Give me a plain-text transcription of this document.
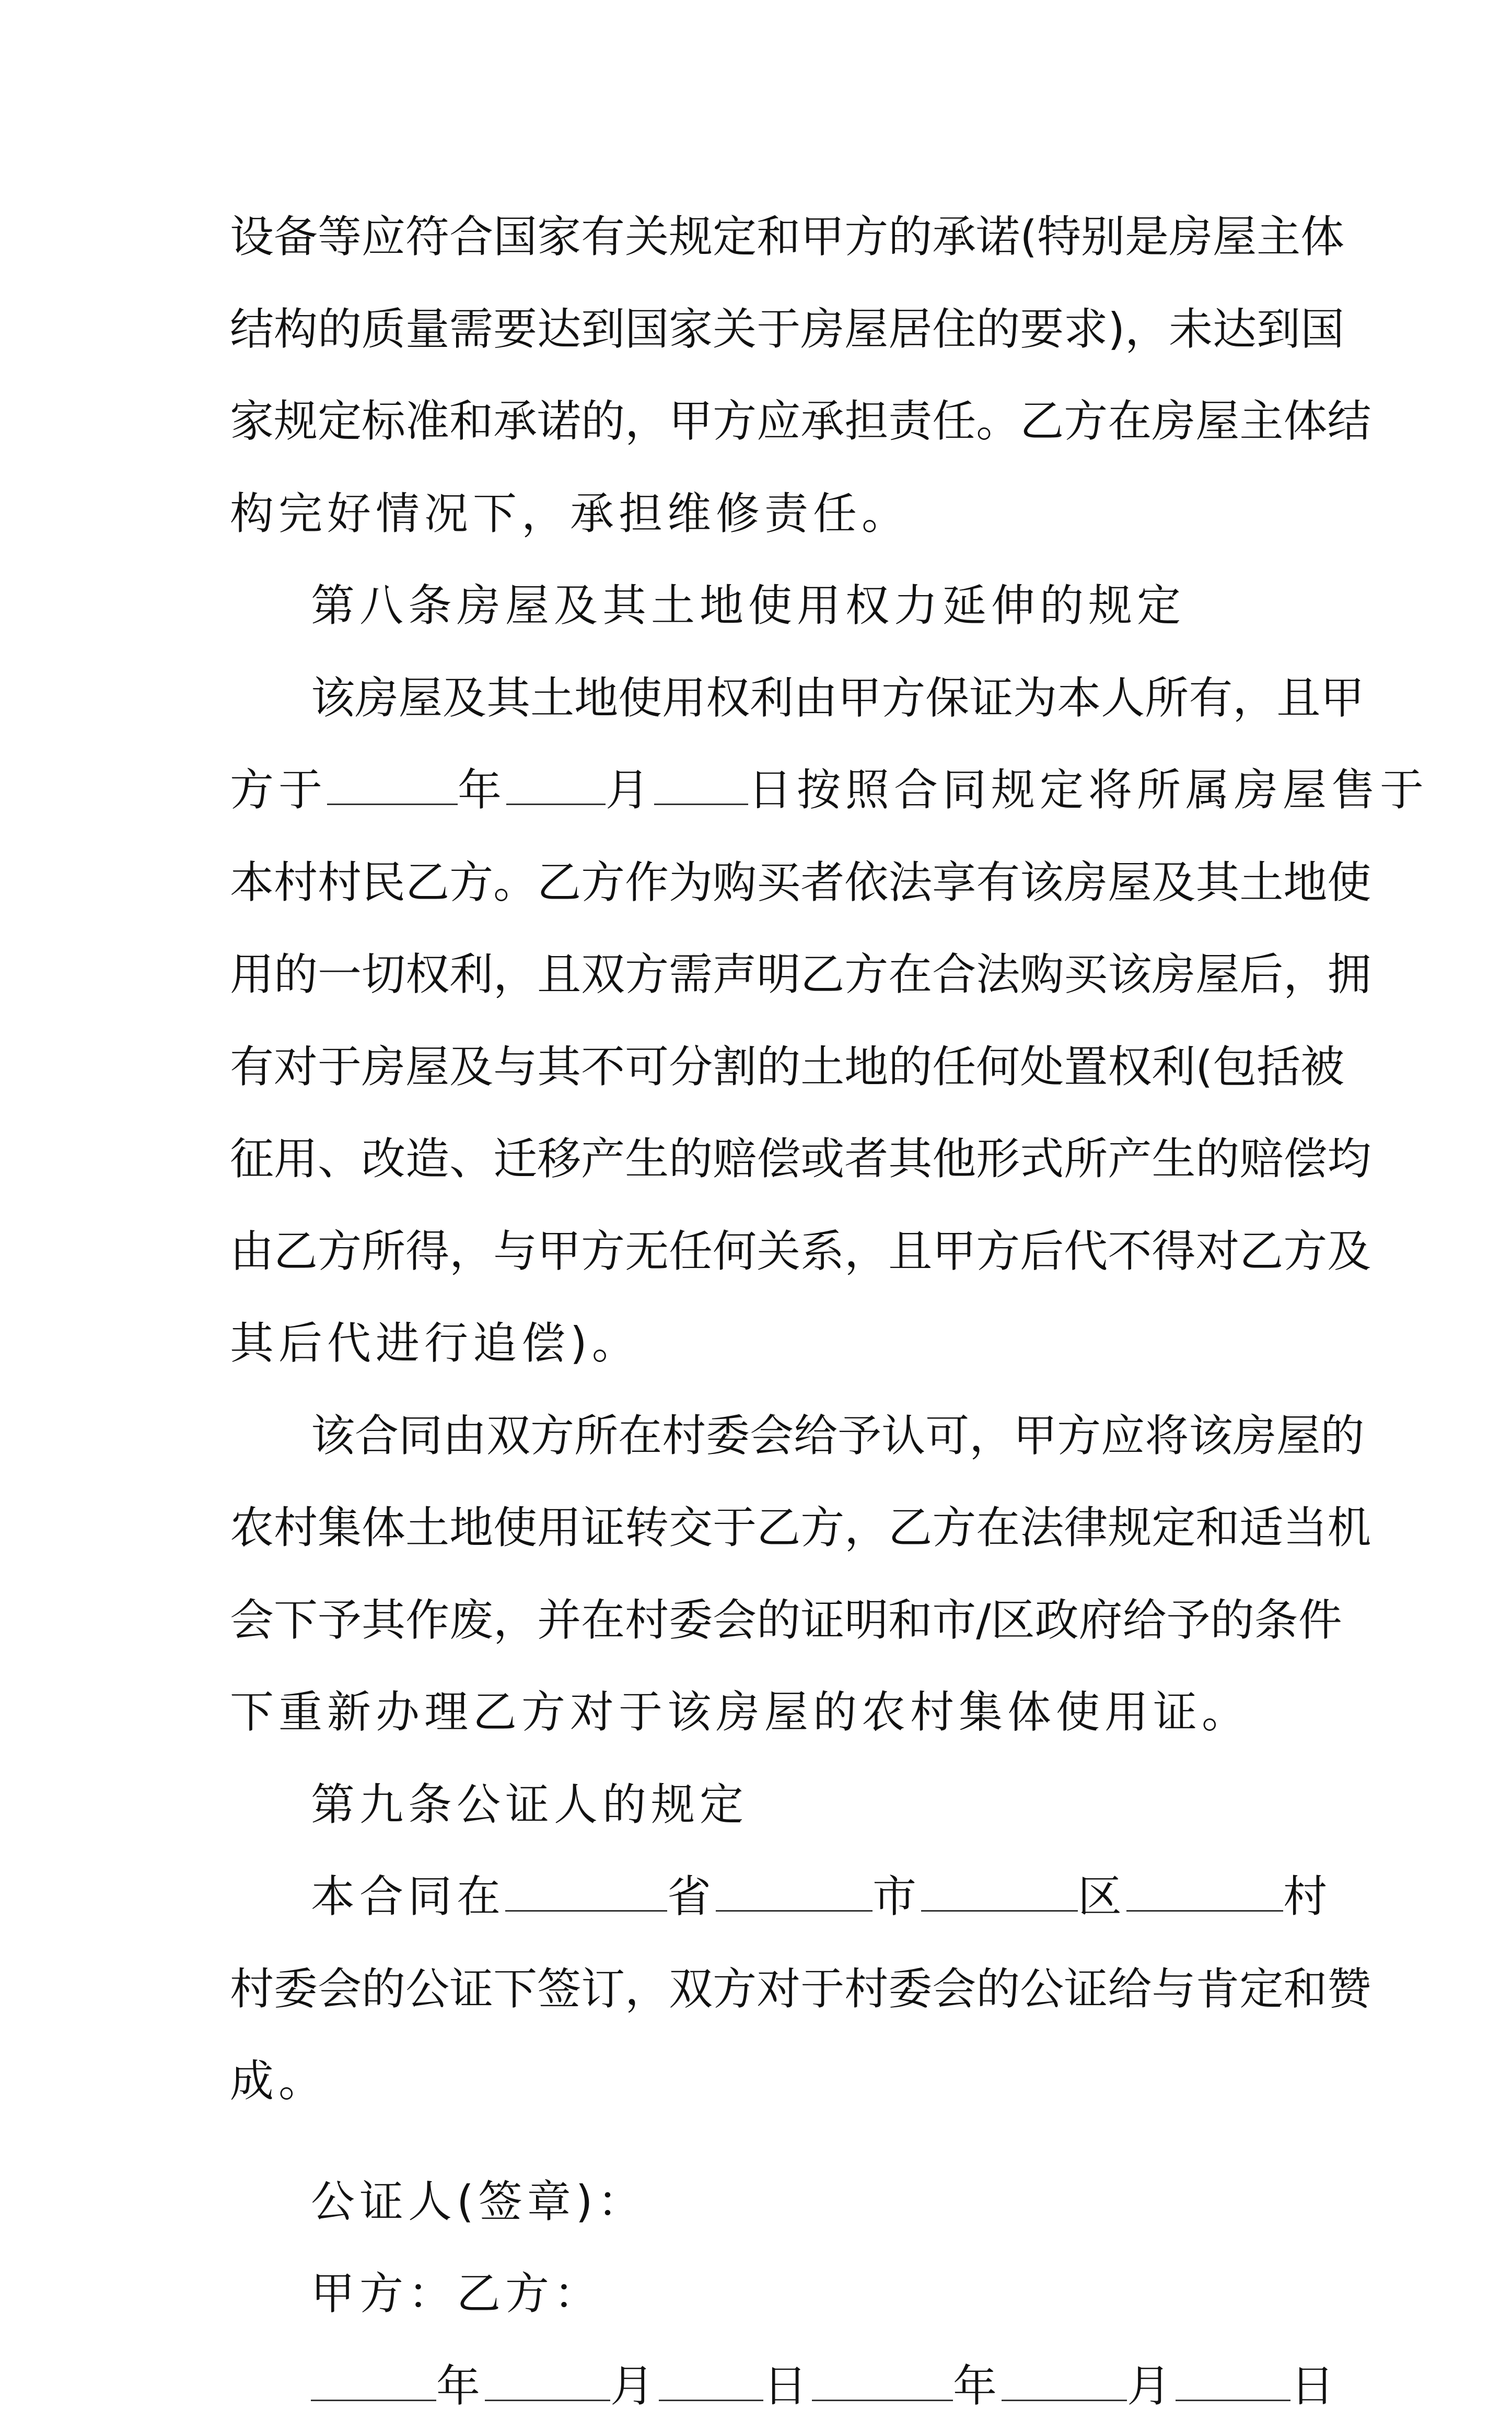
设 备 等 应 符 合 国 家 有 关 规 定 和 甲 方 的 承 诺 ( 特 别 是 房 屋 主 体
结 构 的 质 量 需 要 达 到 国 家 关 于 房 屋 居 住 的 要 求 ) ， 未 达 到 国
家 规 定 标 准 和 承 诺 的 ， 甲 方 应 承 担 责 任 。 乙 方 在 房 屋 主 体 结
构完好情况下，承担维修责任。
第八条房屋及其土地使用权力延伸的规定
该 房 屋 及 其 土 地 使 用 权 利 由 甲 方 保 证 为 本 人 所 有 ， 且 甲
方于	年 月 日按照合同规定将所属房屋售于
本 村 村 民 乙 方 。 乙 方 作 为 购 买 者 依 法 享 有 该 房 屋 及 其 土 地 使
用 的 一 切 权 利 ， 且 双 方 需 声 明 乙 方 在 合 法 购 买 该 房 屋 后 ， 拥
有 对 于 房 屋 及 与 其 不 可 分 割 的 土 地 的 任 何 处 置 权 利 ( 包 括 被
征 用 、 改 造 、 迁 移 产 生 的 赔 偿 或 者 其 他 形 式 所 产 生 的 赔 偿 均
由 乙 方 所 得 ， 与 甲 方 无 任 何 关 系 ， 且 甲 方 后 代 不 得 对 乙 方 及
其后代进行追偿)。
该 合 同 由 双 方 所 在 村 委 会 给 予 认 可 ， 甲 方 应 将 该 房 屋 的
农 村 集 体 土 地 使 用 证 转 交 于 乙 方 ， 乙 方 在 法 律 规 定 和 适 当 机
会 下 予 其 作 废 ， 并 在 村 委 会 的 证 明 和 市 / 区 政 府 给 予 的 条 件
下重新办理乙方对于该房屋的农村集体使用证。
第九条公证人的规定
本合同在	省	市	区	村
村 委 会 的 公 证 下 签 订 ， 双 方 对 于 村 委 会 的 公 证 给 与 肯 定 和 赞
成。
公证人(签章)：
甲方：乙方：
年	月 日	年	月	日
